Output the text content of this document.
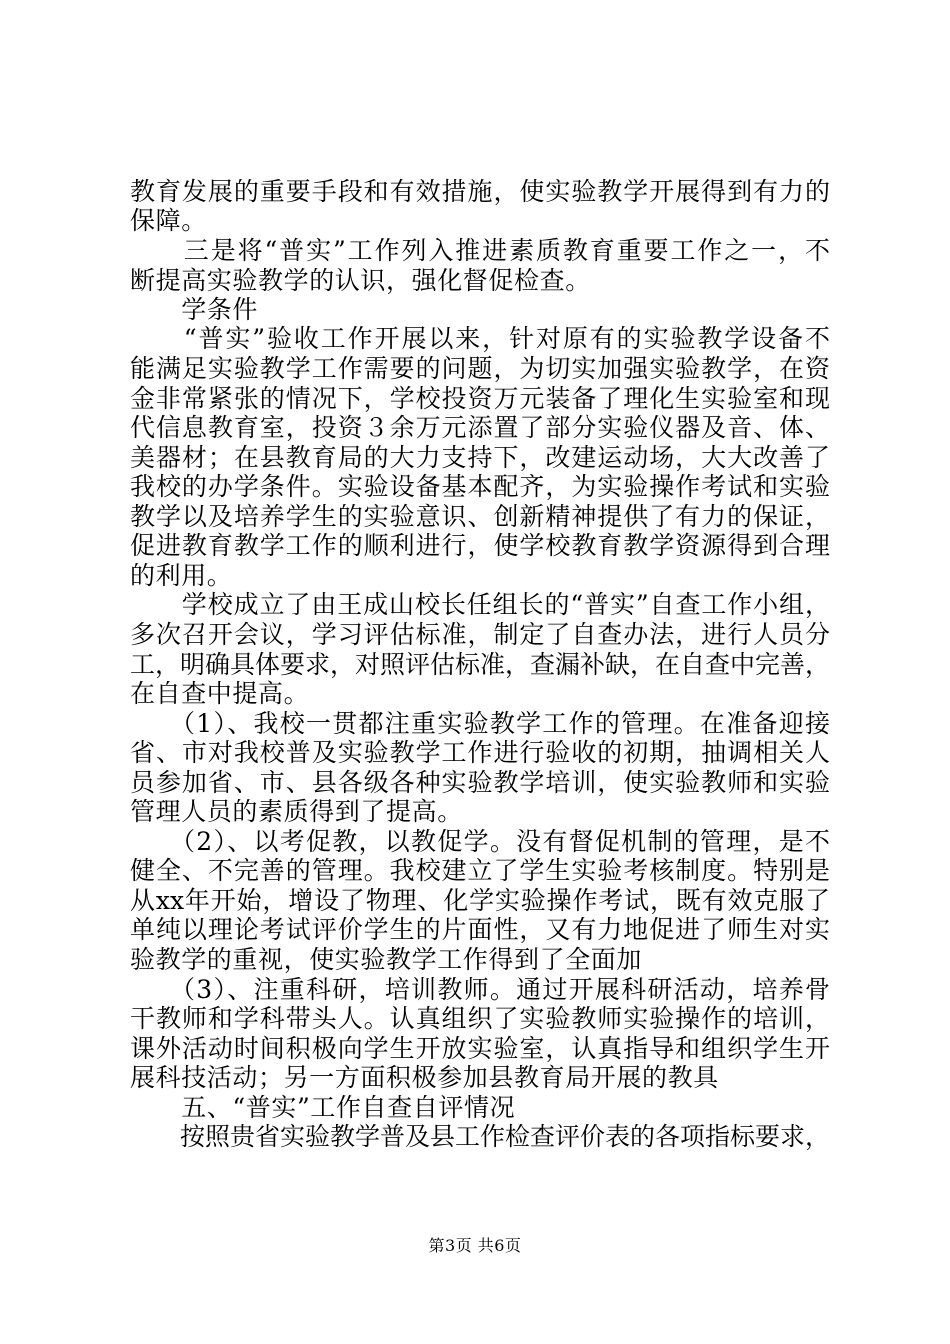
教育发展的重要手段和有效措施，使实验教学开展得到有力的
保障。
　　三是将“普实”工作列入推进素质教育重要工作之一，不
断提高实验教学的认识，强化督促检查。
　　学条件
　　“普实”验收工作开展以来，针对原有的实验教学设备不
能满足实验教学工作需要的问题，为切实加强实验教学，在资
金非常紧张的情况下，学校投资万元装备了理化生实验室和现
代信息教育室，投资３余万元添置了部分实验仪器及音、体、
美器材；在县教育局的大力支持下，改建运动场，大大改善了
我校的办学条件。实验设备基本配齐，为实验操作考试和实验
教学以及培养学生的实验意识、创新精神提供了有力的保证，
促进教育教学工作的顺利进行，使学校教育教学资源得到合理
的利用。
　　学校成立了由王成山校长任组长的“普实”自查工作小组，
多次召开会议，学习评估标准，制定了自查办法，进行人员分
工，明确具体要求，对照评估标准，查漏补缺，在自查中完善，
在自查中提高。
　　（1）、我校一贯都注重实验教学工作的管理。在准备迎接
省、市对我校普及实验教学工作进行验收的初期，抽调相关人
员参加省、市、县各级各种实验教学培训，使实验教师和实验
管理人员的素质得到了提高。
　　（2）、以考促教，以教促学。没有督促机制的管理，是不
健全、不完善的管理。我校建立了学生实验考核制度。特别是
从xx年开始，增设了物理、化学实验操作考试，既有效克服了
单纯以理论考试评价学生的片面性，又有力地促进了师生对实
验教学的重视，使实验教学工作得到了全面加
　　（3）、注重科研，培训教师。通过开展科研活动，培养骨
干教师和学科带头人。认真组织了实验教师实验操作的培训，
课外活动时间积极向学生开放实验室，认真指导和组织学生开
展科技活动；另一方面积极参加县教育局开展的教具
　　五、“普实”工作自查自评情况
　　按照贵省实验教学普及县工作检查评价表的各项指标要求，
第3页 共6页
